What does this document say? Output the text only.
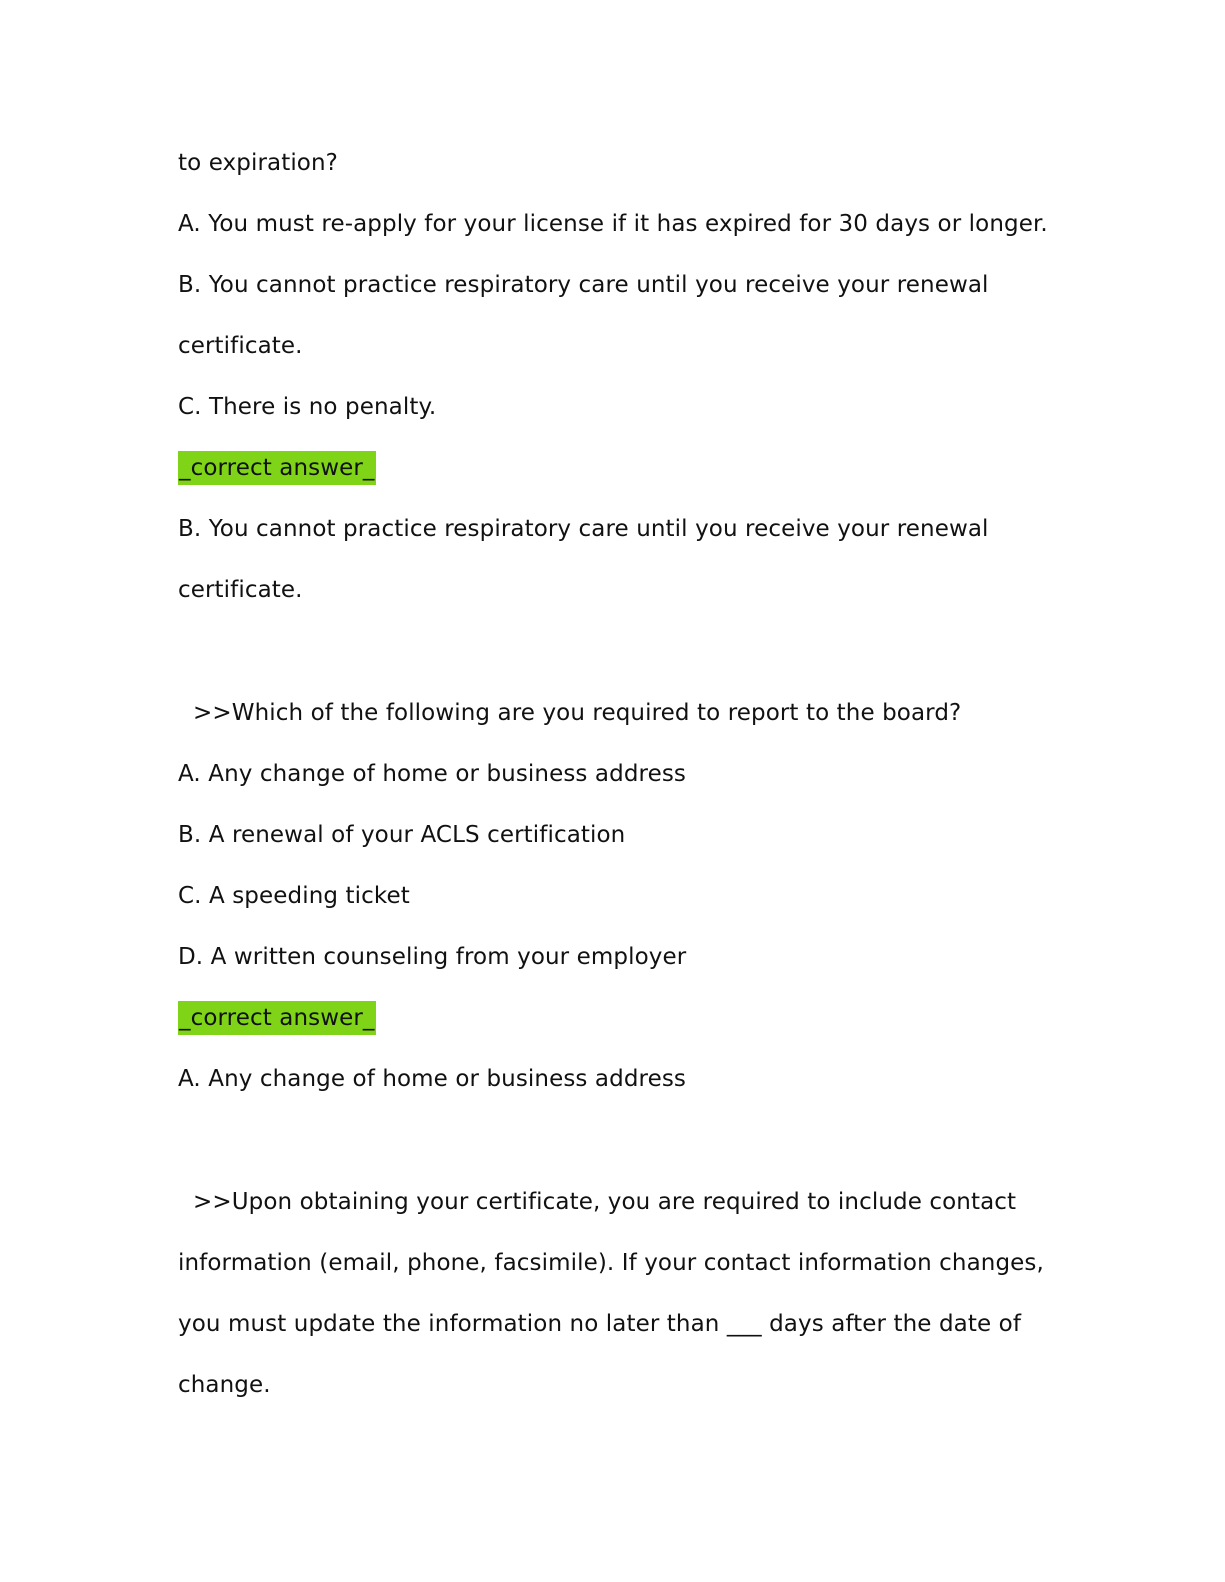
to expiration?
A. You must re-apply for your license if it has expired for 30 days or longer.
B. You cannot practice respiratory care until you receive your renewal
certificate.
C. There is no penalty.
_correct answer_
B. You cannot practice respiratory care until you receive your renewal
certificate.
>>Which of the following are you required to report to the board?
A. Any change of home or business address
B. A renewal of your ACLS certification
C. A speeding ticket
D. A written counseling from your employer
_correct answer_
A. Any change of home or business address
>>Upon obtaining your certificate, you are required to include contact
information (email, phone, facsimile). If your contact information changes,
you must update the information no later than ___ days after the date of
change.
